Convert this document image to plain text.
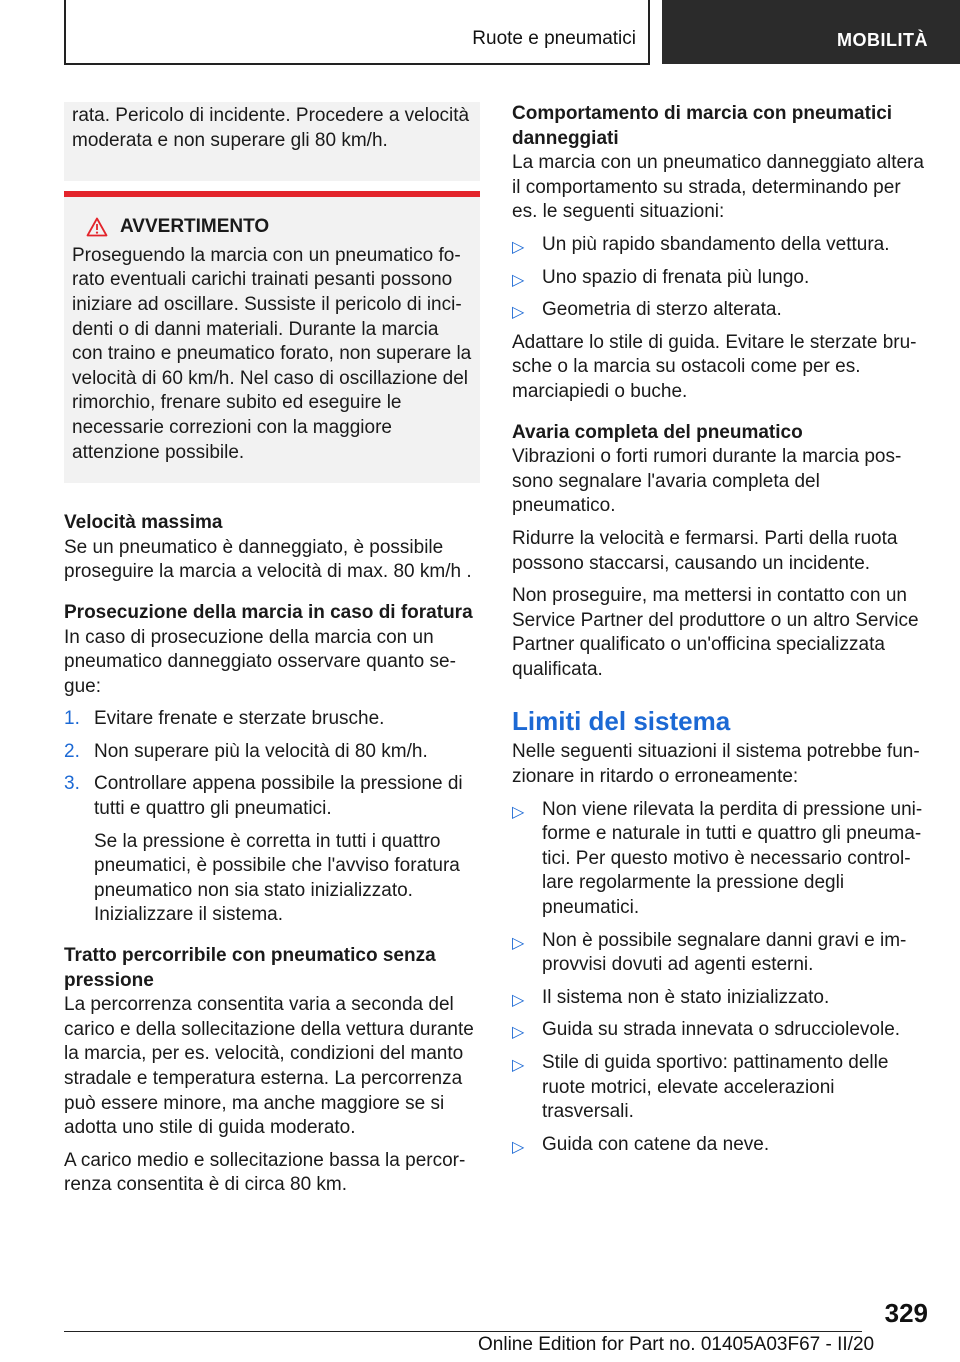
Ruote e pneumatici	MOBILITÀ

rata. Pericolo di incidente. Procedere a velocità moderata e non superare gli 80 km/h.

AVVERTIMENTO

Proseguendo la marcia con un pneumatico forato eventuali carichi trainati pesanti possono iniziare ad oscillare. Sussiste il pericolo di incidenti o di danni materiali. Durante la marcia con traino e pneumatico forato, non superare la velocità di 60 km/h. Nel caso di oscillazione del rimorchio, frenare subito ed eseguire le necessarie correzioni con la maggiore attenzione possibile.

Velocità massima

Se un pneumatico è danneggiato, è possibile proseguire la marcia a velocità di max. 80 km/h .

Prosecuzione della marcia in caso di foratura

In caso di prosecuzione della marcia con un pneumatico danneggiato osservare quanto segue:

1. Evitare frenate e sterzate brusche.
2. Non superare più la velocità di 80 km/h.
3. Controllare appena possibile la pressione di tutti e quattro gli pneumatici.

Se la pressione è corretta in tutti i quattro pneumatici, è possibile che l'avviso foratura pneumatico non sia stato inizializzato. Inizializzare il sistema.

Tratto percorribile con pneumatico senza pressione

La percorrenza consentita varia a seconda del carico e della sollecitazione della vettura durante la marcia, per es. velocità, condizioni del manto stradale e temperatura esterna. La percorrenza può essere minore, ma anche maggiore se si adotta uno stile di guida moderato.

A carico medio e sollecitazione bassa la percorrenza consentita è di circa 80 km.

Comportamento di marcia con pneumatici danneggiati

La marcia con un pneumatico danneggiato altera il comportamento su strada, determinando per es. le seguenti situazioni:

▷ Un più rapido sbandamento della vettura.
▷ Uno spazio di frenata più lungo.
▷ Geometria di sterzo alterata.

Adattare lo stile di guida. Evitare le sterzate brusche o la marcia su ostacoli come per es. marciapiedi o buche.

Avaria completa del pneumatico

Vibrazioni o forti rumori durante la marcia possono segnalare l'avaria completa del pneumatico.

Ridurre la velocità e fermarsi. Parti della ruota possono staccarsi, causando un incidente.

Non proseguire, ma mettersi in contatto con un Service Partner del produttore o un altro Service Partner qualificato o un'officina specializzata qualificata.

Limiti del sistema

Nelle seguenti situazioni il sistema potrebbe funzionare in ritardo o erroneamente:

▷ Non viene rilevata la perdita di pressione uniforme e naturale in tutti e quattro gli pneumatici. Per questo motivo è necessario controllare regolarmente la pressione degli pneumatici.
▷ Non è possibile segnalare danni gravi e improvvisi dovuti ad agenti esterni.
▷ Il sistema non è stato inizializzato.
▷ Guida su strada innevata o sdrucciolevole.
▷ Stile di guida sportivo: pattinamento delle ruote motrici, elevate accelerazioni trasversali.
▷ Guida con catene da neve.
329
Online Edition for Part no. 01405A03F67 - II/20
